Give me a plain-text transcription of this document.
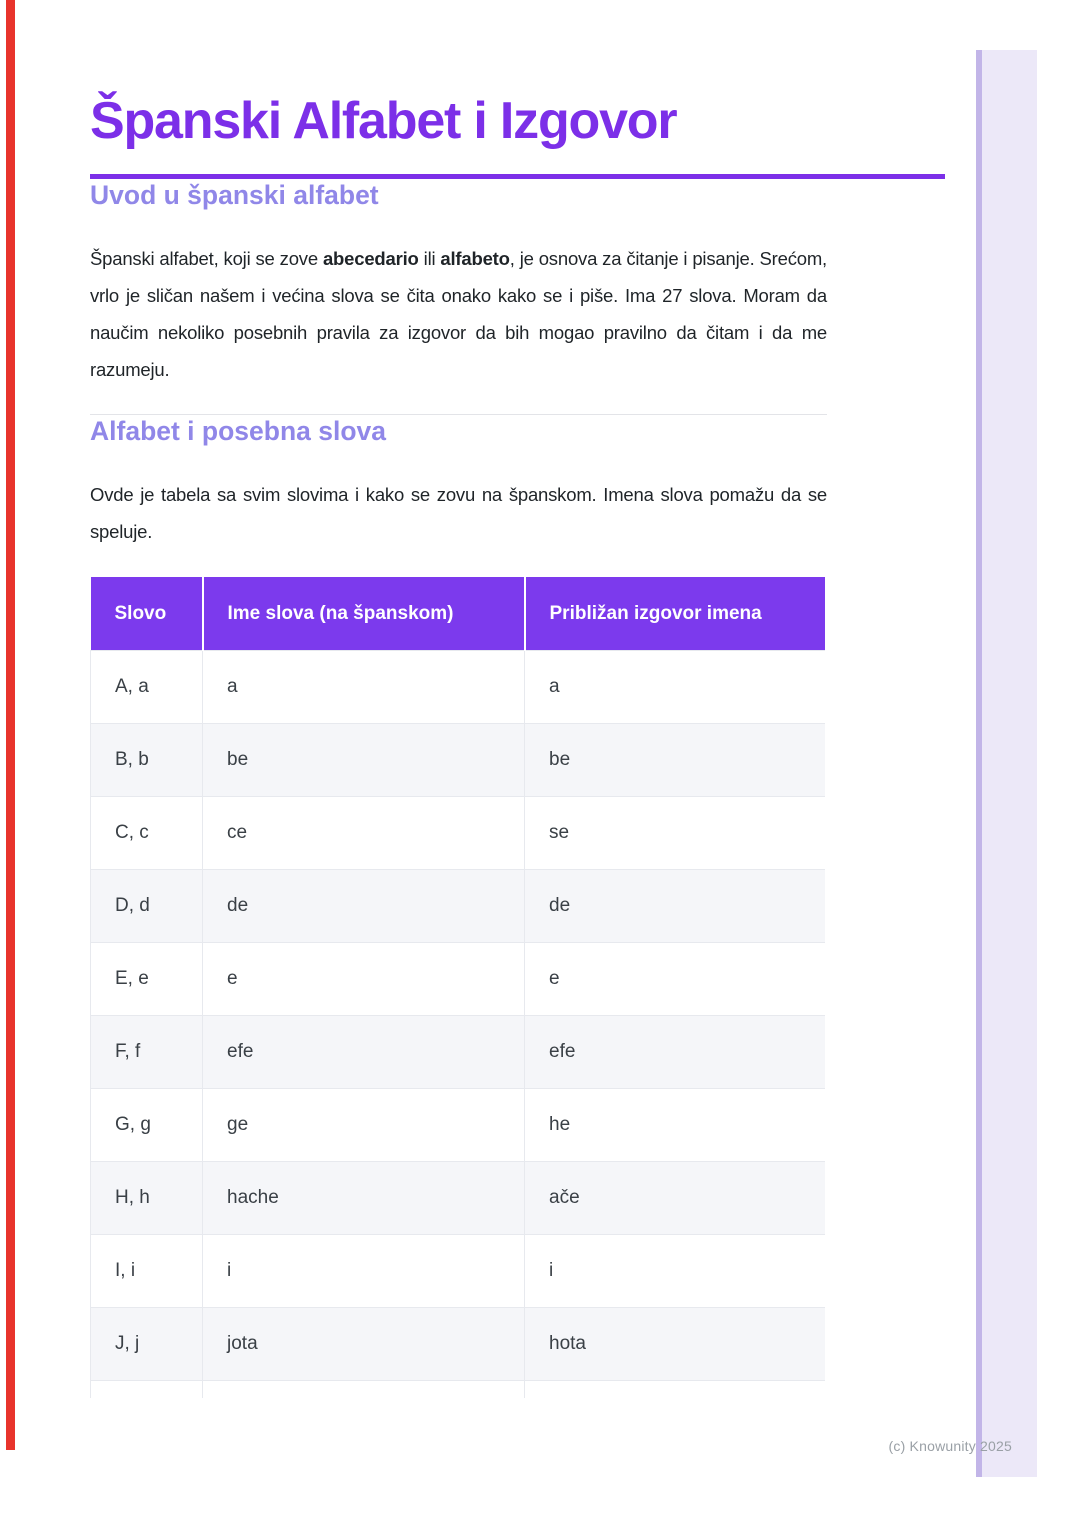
(c) Knowunity 2025
Španski Alfabet i Izgovor
Uvod u španski alfabet

Španski alfabet, koji se zove abecedario ili alfabeto, je osnova za čitanje i pisanje. Srećom, vrlo je sličan našem i većina slova se čita onako kako se i piše. Ima 27 slova. Moram da naučim nekoliko posebnih pravila za izgovor da bih mogao pravilno da čitam i da me razumeju.

Alfabet i posebna slova

Ovde je tabela sa svim slovima i kako se zovu na španskom. Imena slova pomažu da se speluje.

Slovo	Ime slova (na španskom)	Približan izgovor imena
A, a	a	a
B, b	be	be
C, c	ce	se
D, d	de	de
E, e	e	e
F, f	efe	efe
G, g	ge	he
H, h	hache	ače
I, i	i	i
J, j	jota	hota
